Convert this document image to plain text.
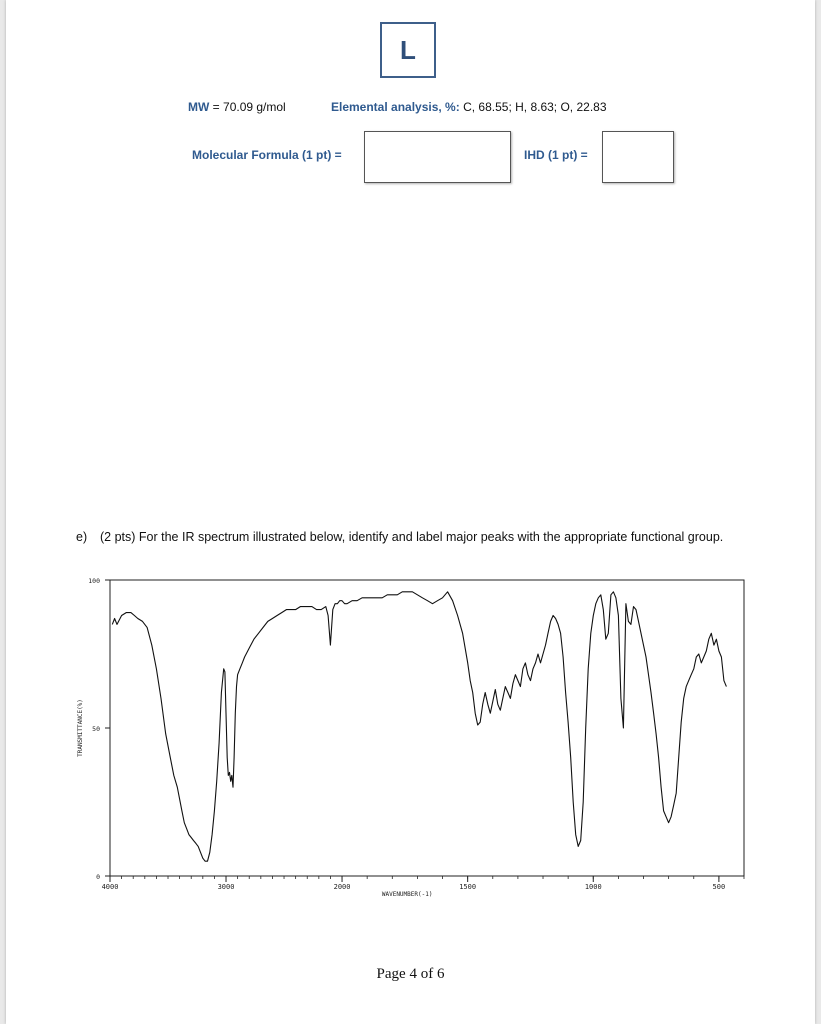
L
MW = 70.09 g/mol	Elemental analysis, %: C, 68.55; H, 8.63; O, 22.83
Molecular Formula (1 pt) =	IHD (1 pt) =
e) (2 pts) For the IR spectrum illustrated below, identify and label major peaks with the appropriate functional group.
4000	3000	2000	1500	1000	500
100
50
0
WAVENUMBER(-1)
TRANSMITTANCE(%)
Page 4 of 6
